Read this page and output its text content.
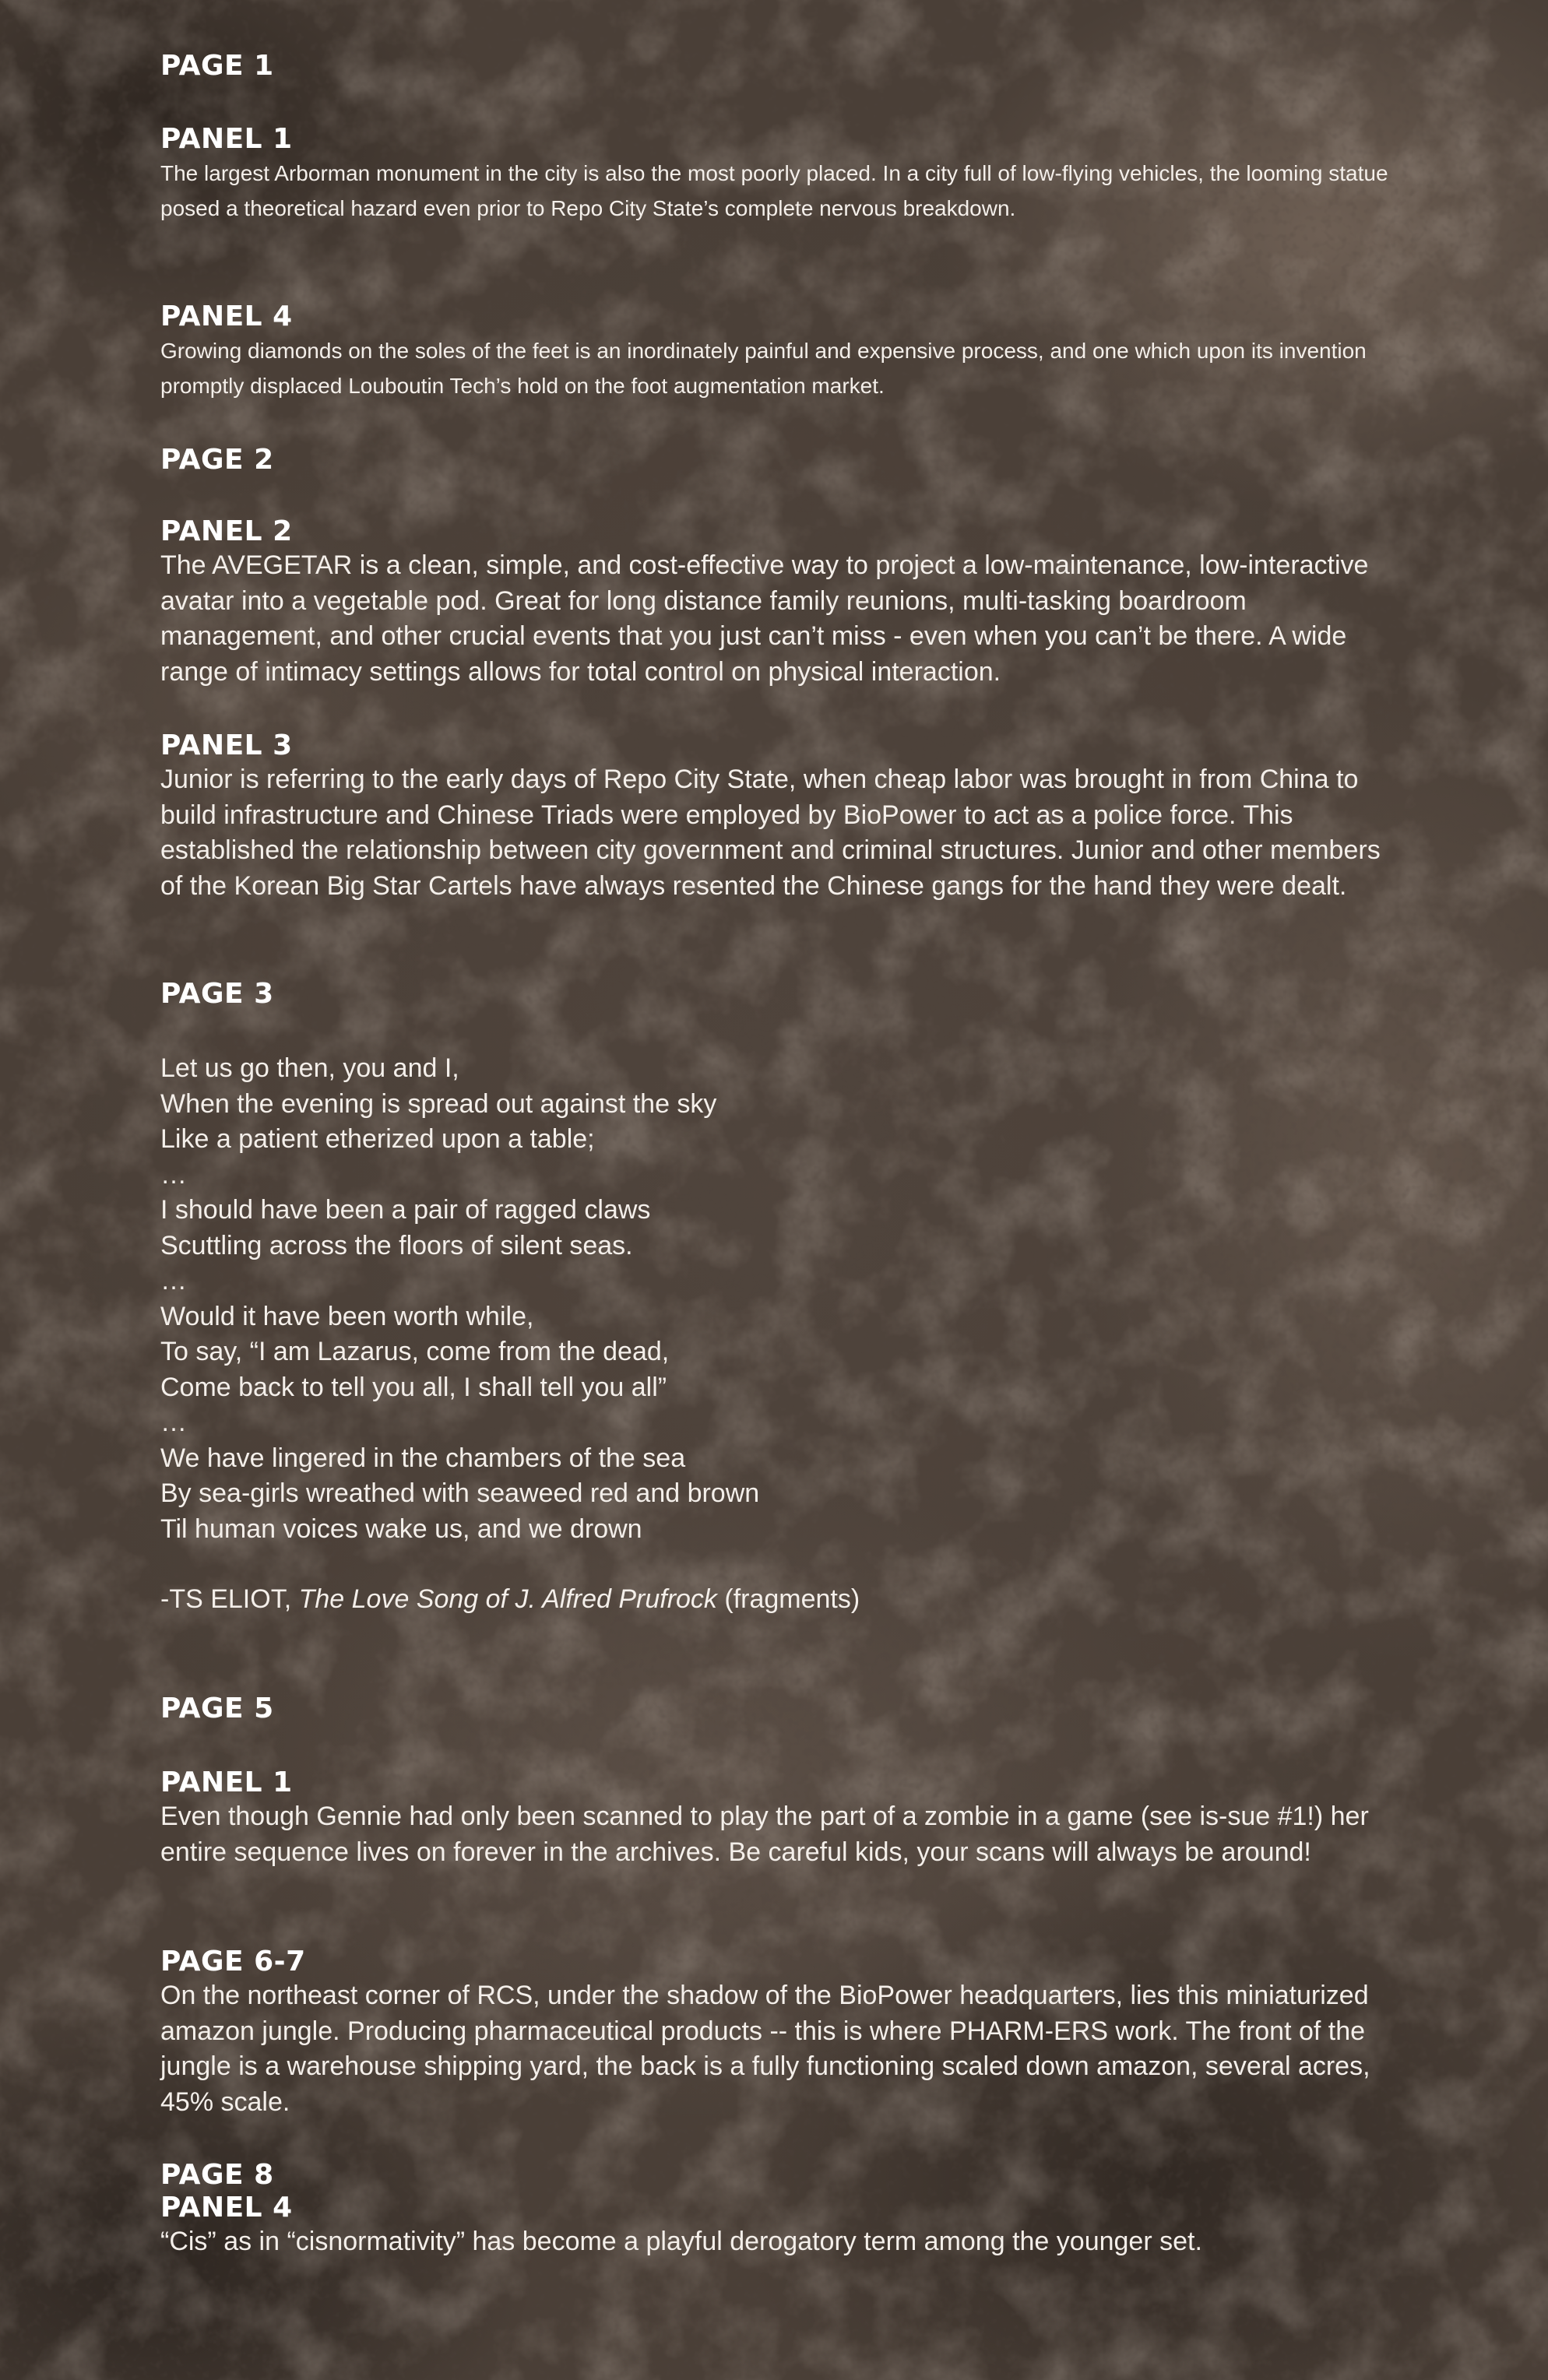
PAGE 1
PANEL 1
The largest Arborman monument in the city is also the most poorly placed. In a city full of low-flying vehicles, the looming statue posed a theoretical hazard even prior to Repo City State’s complete nervous breakdown.
PANEL 4
Growing diamonds on the soles of the feet is an inordinately painful and expensive process, and one which upon its invention promptly displaced Louboutin Tech’s hold on the foot augmentation market.
PAGE 2
PANEL 2
The AVEGETAR is a clean, simple, and cost-effective way to project a low-maintenance, low-interactive avatar into a vegetable pod. Great for long distance family reunions, multi-tasking boardroom management, and other crucial events that you just can’t miss - even when you can’t be there. A wide range of intimacy settings allows for total control on physical interaction.
PANEL 3
Junior is referring to the early days of Repo City State, when cheap labor was brought in from China to build infrastructure and Chinese Triads were employed by BioPower to act as a police force. This established the relationship between city government and criminal structures. Junior and other members of the Korean Big Star Cartels have always resented the Chinese gangs for the hand they were dealt.
PAGE 3
Let us go then, you and I,
When the evening is spread out against the sky
Like a patient etherized upon a table;
…
I should have been a pair of ragged claws
Scuttling across the floors of silent seas.
…
Would it have been worth while,
To say, “I am Lazarus, come from the dead,
Come back to tell you all, I shall tell you all”
…
We have lingered in the chambers of the sea
By sea-girls wreathed with seaweed red and brown
Til human voices wake us, and we drown
-TS ELIOT, The Love Song of J. Alfred Prufrock (fragments)
PAGE 5
PANEL 1
Even though Gennie had only been scanned to play the part of a zombie in a game (see is-sue #1!) her entire sequence lives on forever in the archives. Be careful kids, your scans will always be around!
PAGE 6-7
On the northeast corner of RCS, under the shadow of the BioPower headquarters, lies this miniaturized amazon jungle. Producing pharmaceutical products -- this is where PHARM-ERS work. The front of the jungle is a warehouse shipping yard, the back is a fully functioning scaled down amazon, several acres, 45% scale.
PAGE 8
PANEL 4
“Cis” as in “cisnormativity” has become a playful derogatory term among the younger set.
